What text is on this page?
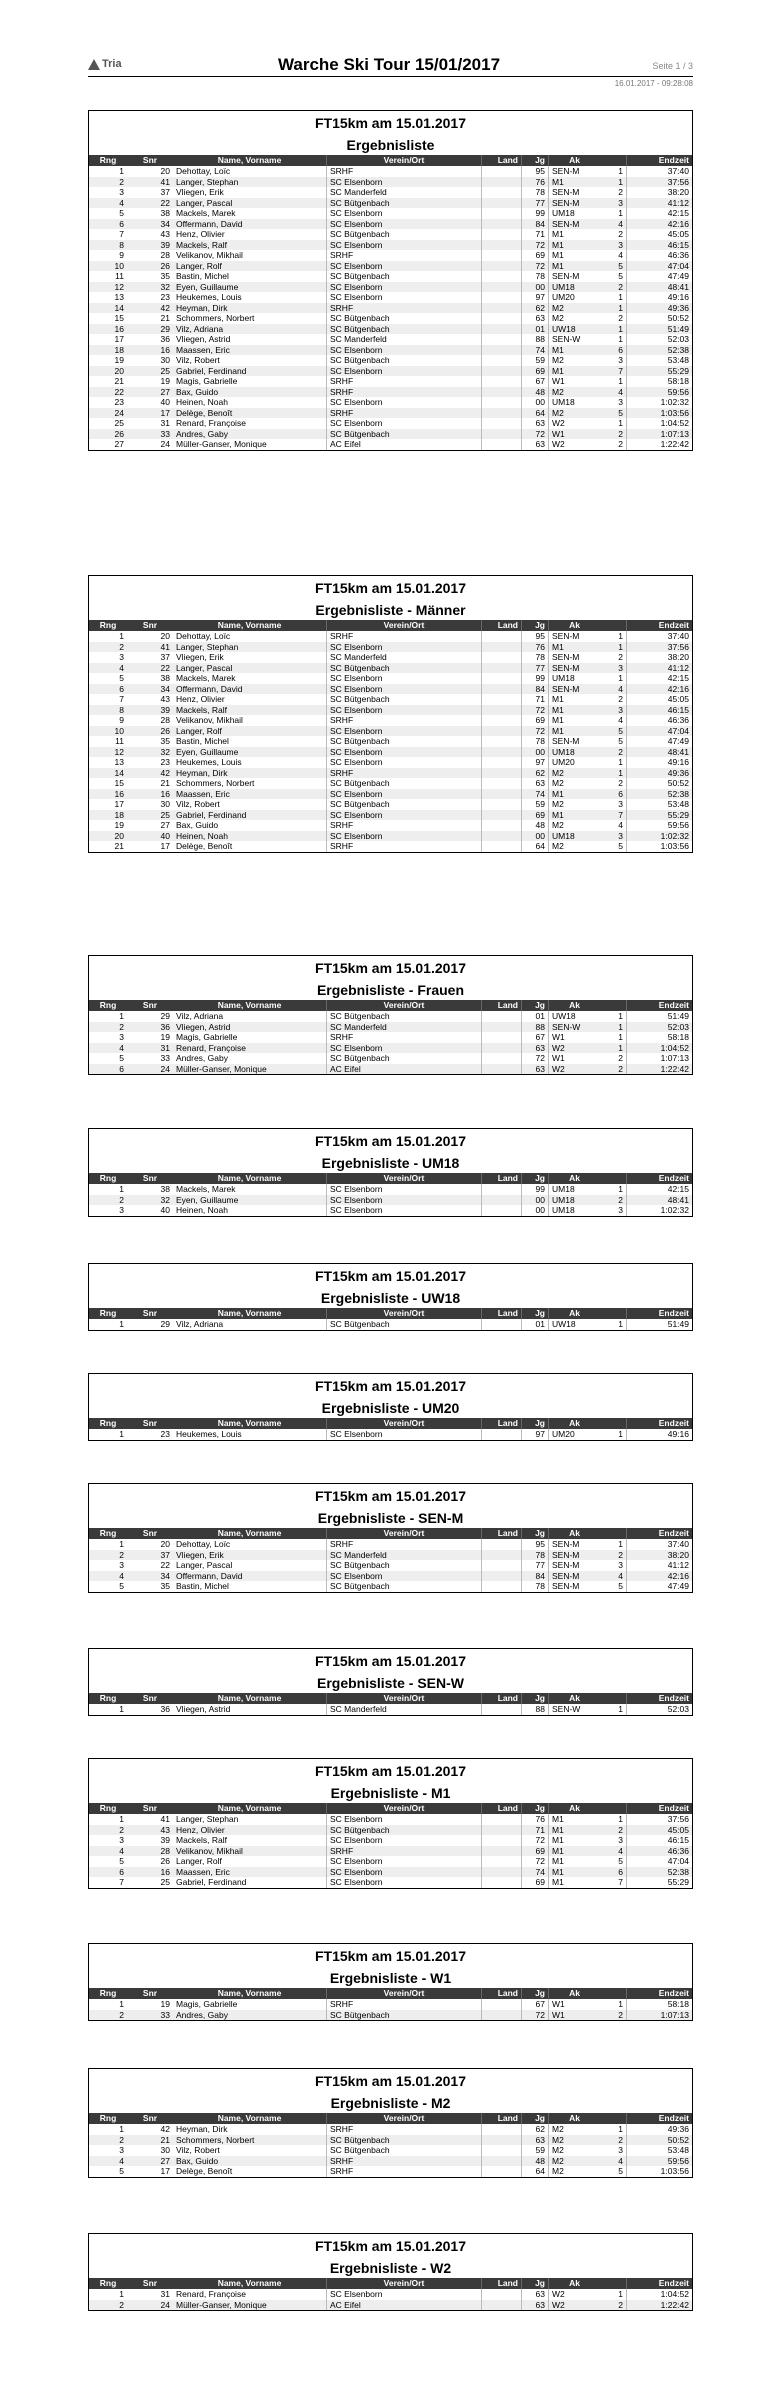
Tria	Warche Ski Tour 15/01/2017	Seite 1 / 3
16.01.2017 - 09:28:08
FT15km am 15.01.2017
Ergebnisliste
Rng	Snr	Name, Vorname	Verein/Ort	Land	Jg	Ak		Endzeit
1	20	Dehottay, Loïc	SRHF		95	SEN-M	1	37:40
2	41	Langer, Stephan	SC Elsenborn		76	M1	1	37:56
3	37	Vliegen, Erik	SC Manderfeld		78	SEN-M	2	38:20
4	22	Langer, Pascal	SC Bütgenbach		77	SEN-M	3	41:12
5	38	Mackels, Marek	SC Elsenborn		99	UM18	1	42:15
6	34	Offermann, David	SC Elsenborn		84	SEN-M	4	42:16
7	43	Henz, Olivier	SC Bütgenbach		71	M1	2	45:05
8	39	Mackels, Ralf	SC Elsenborn		72	M1	3	46:15
9	28	Velikanov, Mikhail	SRHF		69	M1	4	46:36
10	26	Langer, Rolf	SC Elsenborn		72	M1	5	47:04
11	35	Bastin, Michel	SC Bütgenbach		78	SEN-M	5	47:49
12	32	Eyen, Guillaume	SC Elsenborn		00	UM18	2	48:41
13	23	Heukemes, Louis	SC Elsenborn		97	UM20	1	49:16
14	42	Heyman, Dirk	SRHF		62	M2	1	49:36
15	21	Schommers, Norbert	SC Bütgenbach		63	M2	2	50:52
16	29	Vilz, Adriana	SC Bütgenbach		01	UW18	1	51:49
17	36	Vliegen, Astrid	SC Manderfeld		88	SEN-W	1	52:03
18	16	Maassen, Eric	SC Elsenborn		74	M1	6	52:38
19	30	Vilz, Robert	SC Bütgenbach		59	M2	3	53:48
20	25	Gabriel, Ferdinand	SC Elsenborn		69	M1	7	55:29
21	19	Magis, Gabrielle	SRHF		67	W1	1	58:18
22	27	Bax, Guido	SRHF		48	M2	4	59:56
23	40	Heinen, Noah	SC Elsenborn		00	UM18	3	1:02:32
24	17	Delège, Benoît	SRHF		64	M2	5	1:03:56
25	31	Renard, Françoise	SC Elsenborn		63	W2	1	1:04:52
26	33	Andres, Gaby	SC Bütgenbach		72	W1	2	1:07:13
27	24	Müller-Ganser, Monique	AC Eifel		63	W2	2	1:22:42
FT15km am 15.01.2017
Ergebnisliste - Männer
Rng	Snr	Name, Vorname	Verein/Ort	Land	Jg	Ak		Endzeit
1	20	Dehottay, Loïc	SRHF		95	SEN-M	1	37:40
2	41	Langer, Stephan	SC Elsenborn		76	M1	1	37:56
3	37	Vliegen, Erik	SC Manderfeld		78	SEN-M	2	38:20
4	22	Langer, Pascal	SC Bütgenbach		77	SEN-M	3	41:12
5	38	Mackels, Marek	SC Elsenborn		99	UM18	1	42:15
6	34	Offermann, David	SC Elsenborn		84	SEN-M	4	42:16
7	43	Henz, Olivier	SC Bütgenbach		71	M1	2	45:05
8	39	Mackels, Ralf	SC Elsenborn		72	M1	3	46:15
9	28	Velikanov, Mikhail	SRHF		69	M1	4	46:36
10	26	Langer, Rolf	SC Elsenborn		72	M1	5	47:04
11	35	Bastin, Michel	SC Bütgenbach		78	SEN-M	5	47:49
12	32	Eyen, Guillaume	SC Elsenborn		00	UM18	2	48:41
13	23	Heukemes, Louis	SC Elsenborn		97	UM20	1	49:16
14	42	Heyman, Dirk	SRHF		62	M2	1	49:36
15	21	Schommers, Norbert	SC Bütgenbach		63	M2	2	50:52
16	16	Maassen, Eric	SC Elsenborn		74	M1	6	52:38
17	30	Vilz, Robert	SC Bütgenbach		59	M2	3	53:48
18	25	Gabriel, Ferdinand	SC Elsenborn		69	M1	7	55:29
19	27	Bax, Guido	SRHF		48	M2	4	59:56
20	40	Heinen, Noah	SC Elsenborn		00	UM18	3	1:02:32
21	17	Delège, Benoît	SRHF		64	M2	5	1:03:56
FT15km am 15.01.2017
Ergebnisliste - Frauen
Rng	Snr	Name, Vorname	Verein/Ort	Land	Jg	Ak		Endzeit
1	29	Vilz, Adriana	SC Bütgenbach		01	UW18	1	51:49
2	36	Vliegen, Astrid	SC Manderfeld		88	SEN-W	1	52:03
3	19	Magis, Gabrielle	SRHF		67	W1	1	58:18
4	31	Renard, Françoise	SC Elsenborn		63	W2	1	1:04:52
5	33	Andres, Gaby	SC Bütgenbach		72	W1	2	1:07:13
6	24	Müller-Ganser, Monique	AC Eifel		63	W2	2	1:22:42
FT15km am 15.01.2017
Ergebnisliste - UM18
Rng	Snr	Name, Vorname	Verein/Ort	Land	Jg	Ak		Endzeit
1	38	Mackels, Marek	SC Elsenborn		99	UM18	1	42:15
2	32	Eyen, Guillaume	SC Elsenborn		00	UM18	2	48:41
3	40	Heinen, Noah	SC Elsenborn		00	UM18	3	1:02:32
FT15km am 15.01.2017
Ergebnisliste - UW18
Rng	Snr	Name, Vorname	Verein/Ort	Land	Jg	Ak		Endzeit
1	29	Vilz, Adriana	SC Bütgenbach		01	UW18	1	51:49
FT15km am 15.01.2017
Ergebnisliste - UM20
Rng	Snr	Name, Vorname	Verein/Ort	Land	Jg	Ak		Endzeit
1	23	Heukemes, Louis	SC Elsenborn		97	UM20	1	49:16
FT15km am 15.01.2017
Ergebnisliste - SEN-M
Rng	Snr	Name, Vorname	Verein/Ort	Land	Jg	Ak		Endzeit
1	20	Dehottay, Loïc	SRHF		95	SEN-M	1	37:40
2	37	Vliegen, Erik	SC Manderfeld		78	SEN-M	2	38:20
3	22	Langer, Pascal	SC Bütgenbach		77	SEN-M	3	41:12
4	34	Offermann, David	SC Elsenborn		84	SEN-M	4	42:16
5	35	Bastin, Michel	SC Bütgenbach		78	SEN-M	5	47:49
FT15km am 15.01.2017
Ergebnisliste - SEN-W
Rng	Snr	Name, Vorname	Verein/Ort	Land	Jg	Ak		Endzeit
1	36	Vliegen, Astrid	SC Manderfeld		88	SEN-W	1	52:03
FT15km am 15.01.2017
Ergebnisliste - M1
Rng	Snr	Name, Vorname	Verein/Ort	Land	Jg	Ak		Endzeit
1	41	Langer, Stephan	SC Elsenborn		76	M1	1	37:56
2	43	Henz, Olivier	SC Bütgenbach		71	M1	2	45:05
3	39	Mackels, Ralf	SC Elsenborn		72	M1	3	46:15
4	28	Velikanov, Mikhail	SRHF		69	M1	4	46:36
5	26	Langer, Rolf	SC Elsenborn		72	M1	5	47:04
6	16	Maassen, Eric	SC Elsenborn		74	M1	6	52:38
7	25	Gabriel, Ferdinand	SC Elsenborn		69	M1	7	55:29
FT15km am 15.01.2017
Ergebnisliste - W1
Rng	Snr	Name, Vorname	Verein/Ort	Land	Jg	Ak		Endzeit
1	19	Magis, Gabrielle	SRHF		67	W1	1	58:18
2	33	Andres, Gaby	SC Bütgenbach		72	W1	2	1:07:13
FT15km am 15.01.2017
Ergebnisliste - M2
Rng	Snr	Name, Vorname	Verein/Ort	Land	Jg	Ak		Endzeit
1	42	Heyman, Dirk	SRHF		62	M2	1	49:36
2	21	Schommers, Norbert	SC Bütgenbach		63	M2	2	50:52
3	30	Vilz, Robert	SC Bütgenbach		59	M2	3	53:48
4	27	Bax, Guido	SRHF		48	M2	4	59:56
5	17	Delège, Benoît	SRHF		64	M2	5	1:03:56
FT15km am 15.01.2017
Ergebnisliste - W2
Rng	Snr	Name, Vorname	Verein/Ort	Land	Jg	Ak		Endzeit
1	31	Renard, Françoise	SC Elsenborn		63	W2	1	1:04:52
2	24	Müller-Ganser, Monique	AC Eifel		63	W2	2	1:22:42
